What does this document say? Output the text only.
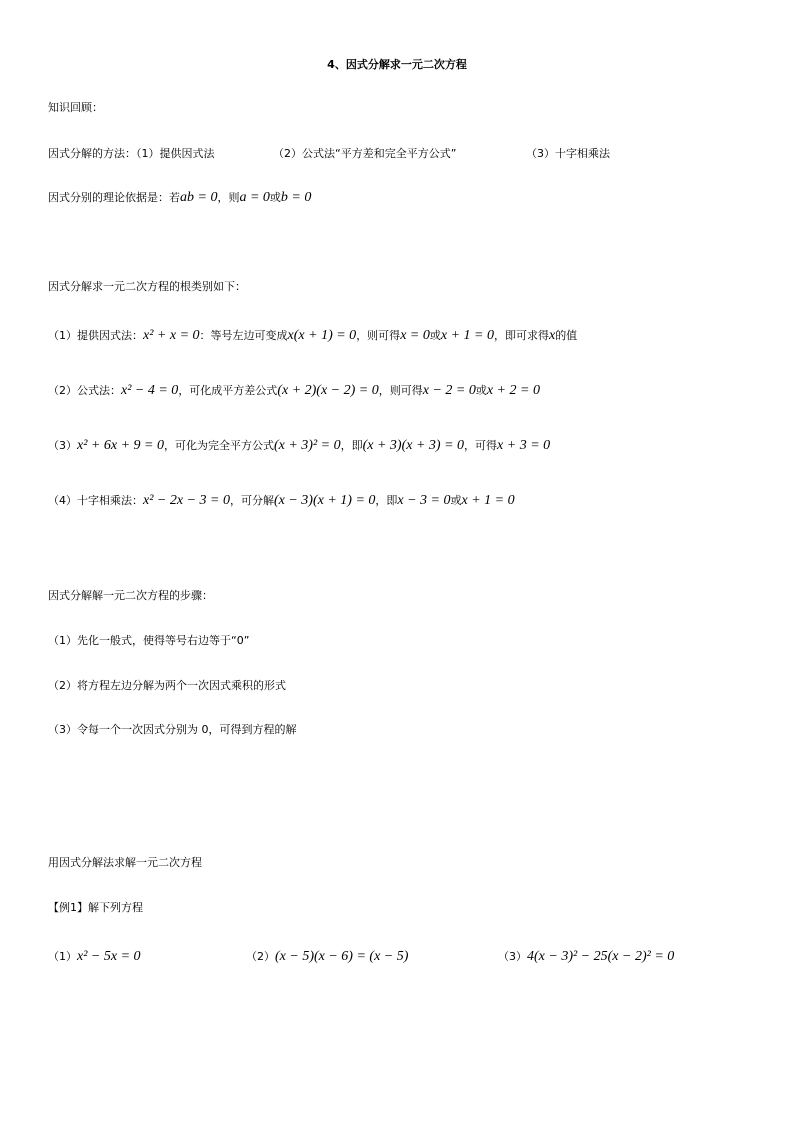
4、因式分解求一元二次方程
知识回顾：
因式分解的方法：（1）提供因式法	（2）公式法“平方差和完全平方公式”	（3）十字相乘法
因式分别的理论依据是：若ab = 0，则a = 0或b = 0
因式分解求一元二次方程的根类别如下：
（1）提供因式法：x² + x = 0：等号左边可变成x(x + 1) = 0，则可得x = 0或x + 1 = 0，即可求得x的值
（2）公式法：x² − 4 = 0，可化成平方差公式(x + 2)(x − 2) = 0，则可得x − 2 = 0或x + 2 = 0
（3）x² + 6x + 9 = 0，可化为完全平方公式(x + 3)² = 0，即(x + 3)(x + 3) = 0，可得x + 3 = 0
（4）十字相乘法：x² − 2x − 3 = 0，可分解(x − 3)(x + 1) = 0，即x − 3 = 0或x + 1 = 0
因式分解解一元二次方程的步骤：
（1）先化一般式，使得等号右边等于“0”
（2）将方程左边分解为两个一次因式乘积的形式
（3）令每一个一次因式分别为 0，可得到方程的解
用因式分解法求解一元二次方程
【例1】解下列方程
（1）x² − 5x = 0	（2）(x − 5)(x − 6) = (x − 5)	（3）4(x − 3)² − 25(x − 2)² = 0
